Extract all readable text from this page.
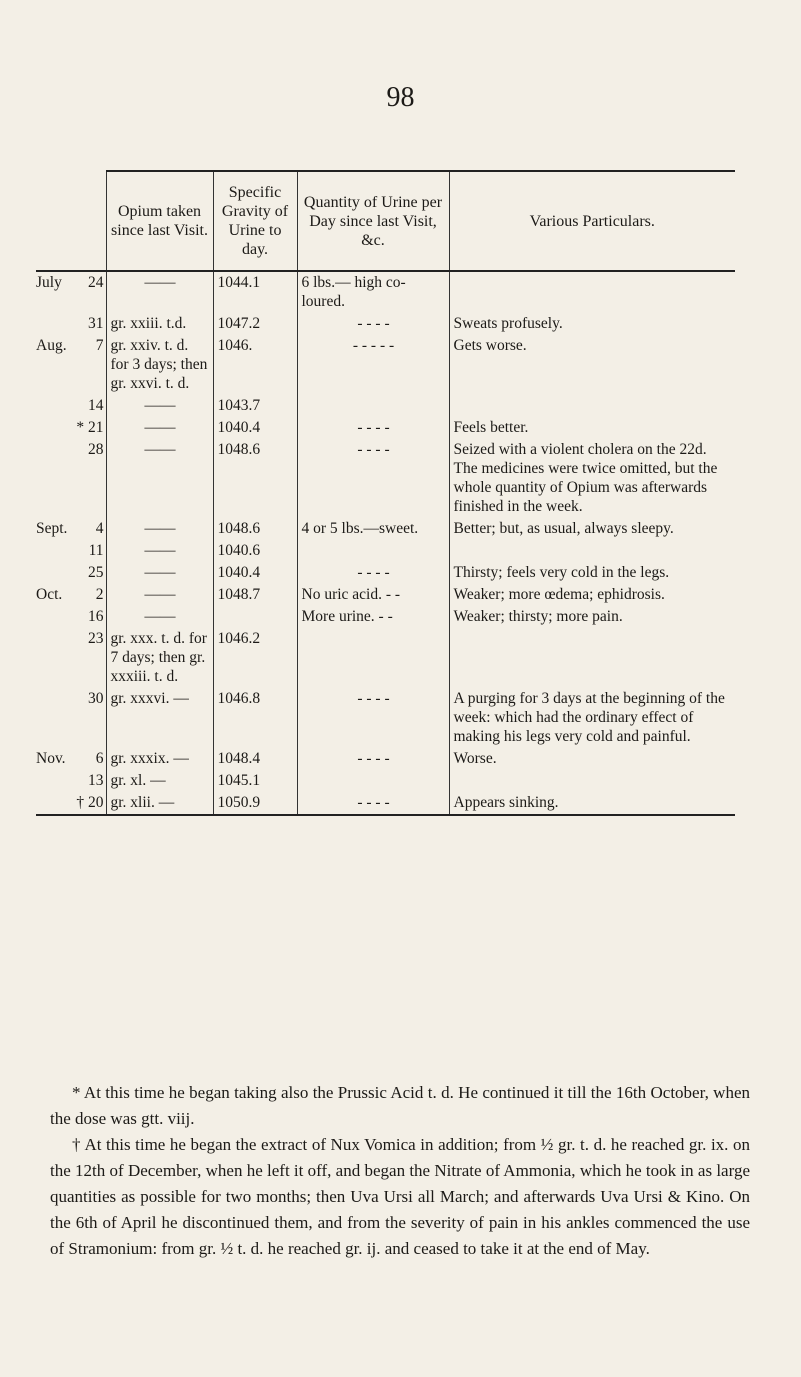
98
	Opium taken since last Visit.	Specific Gravity of Urine to day.	Quantity of Urine per Day since last Visit, &c.	Various Particulars.

July 24	——	1044.1	6 lbs.— high co-loured.	

31	gr. xxiii. t.d.	1047.2	- - - -	Sweats profusely.

Aug. 7	gr. xxiv. t. d. for 3 days; then gr. xxvi. t. d.	1046.	- - - - -	Gets worse.

14	——	1043.7		

* 21	——	1040.4	- - - -	Feels better.

28	——	1048.6	- - - -	Seized with a violent cholera on the 22d. The medicines were twice omitted, but the whole quantity of Opium was afterwards finished in the week.

Sept. 4	——	1048.6	4 or 5 lbs.—sweet.	Better; but, as usual, always sleepy.

11	——	1040.6		

25	——	1040.4	- - - -	Thirsty; feels very cold in the legs.

Oct. 2	——	1048.7	No uric acid. - -	Weaker; more œdema; ephidrosis.

16	——		More urine. - -	Weaker; thirsty; more pain.

23	gr. xxx. t. d. for 7 days; then gr. xxxiii. t. d.	1046.2		

30	gr. xxxvi. —	1046.8	- - - -	A purging for 3 days at the beginning of the week: which had the ordinary effect of making his legs very cold and painful.

Nov. 6	gr. xxxix. —	1048.4	- - - -	Worse.

13	gr. xl. —	1045.1		

† 20	gr. xlii. —	1050.9	- - - -	Appears sinking.

* At this time he began taking also the Prussic Acid t. d. He continued it till the 16th October, when the dose was gtt. viij.

† At this time he began the extract of Nux Vomica in addition; from ½ gr. t. d. he reached gr. ix. on the 12th of December, when he left it off, and began the Nitrate of Ammonia, which he took in as large quantities as possible for two months; then Uva Ursi all March; and afterwards Uva Ursi & Kino. On the 6th of April he discontinued them, and from the severity of pain in his ankles commenced the use of Stramonium: from gr. ½ t. d. he reached gr. ij. and ceased to take it at the end of May.
